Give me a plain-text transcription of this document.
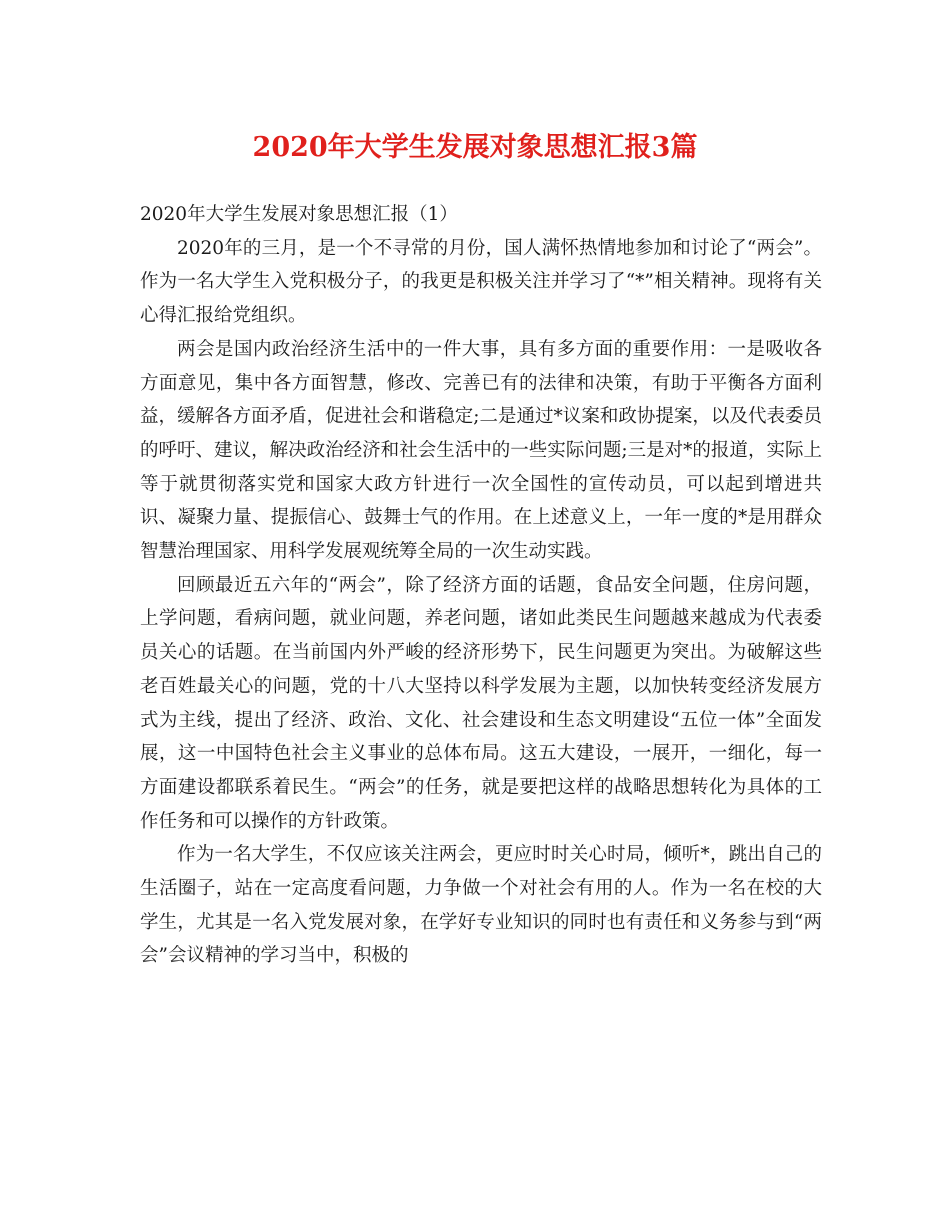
2020年大学生发展对象思想汇报3篇

2020年大学生发展对象思想汇报（1）

2020年的三月，是一个不寻常的月份，国人满怀热情地参加和讨论了“两会”。作为一名大学生入党积极分子，的我更是积极关注并学习了“*”相关精神。现将有关心得汇报给党组织。

两会是国内政治经济生活中的一件大事，具有多方面的重要作用：一是吸收各方面意见，集中各方面智慧，修改、完善已有的法律和决策，有助于平衡各方面利益，缓解各方面矛盾，促进社会和谐稳定;二是通过*议案和政协提案，以及代表委员的呼吁、建议，解决政治经济和社会生活中的一些实际问题;三是对*的报道，实际上等于就贯彻落实党和国家大政方针进行一次全国性的宣传动员，可以起到增进共识、凝聚力量、提振信心、鼓舞士气的作用。在上述意义上，一年一度的*是用群众智慧治理国家、用科学发展观统筹全局的一次生动实践。

回顾最近五六年的“两会”，除了经济方面的话题，食品安全问题，住房问题，上学问题，看病问题，就业问题，养老问题，诸如此类民生问题越来越成为代表委员关心的话题。在当前国内外严峻的经济形势下，民生问题更为突出。为破解这些老百姓最关心的问题，党的十八大坚持以科学发展为主题，以加快转变经济发展方式为主线，提出了经济、政治、文化、社会建设和生态文明建设“五位一体”全面发展，这一中国特色社会主义事业的总体布局。这五大建设，一展开，一细化，每一方面建设都联系着民生。“两会”的任务，就是要把这样的战略思想转化为具体的工作任务和可以操作的方针政策。

作为一名大学生，不仅应该关注两会，更应时时关心时局，倾听*，跳出自己的生活圈子，站在一定高度看问题，力争做一个对社会有用的人。作为一名在校的大学生，尤其是一名入党发展对象，在学好专业知识的同时也有责任和义务参与到“两会”会议精神的学习当中，积极的
